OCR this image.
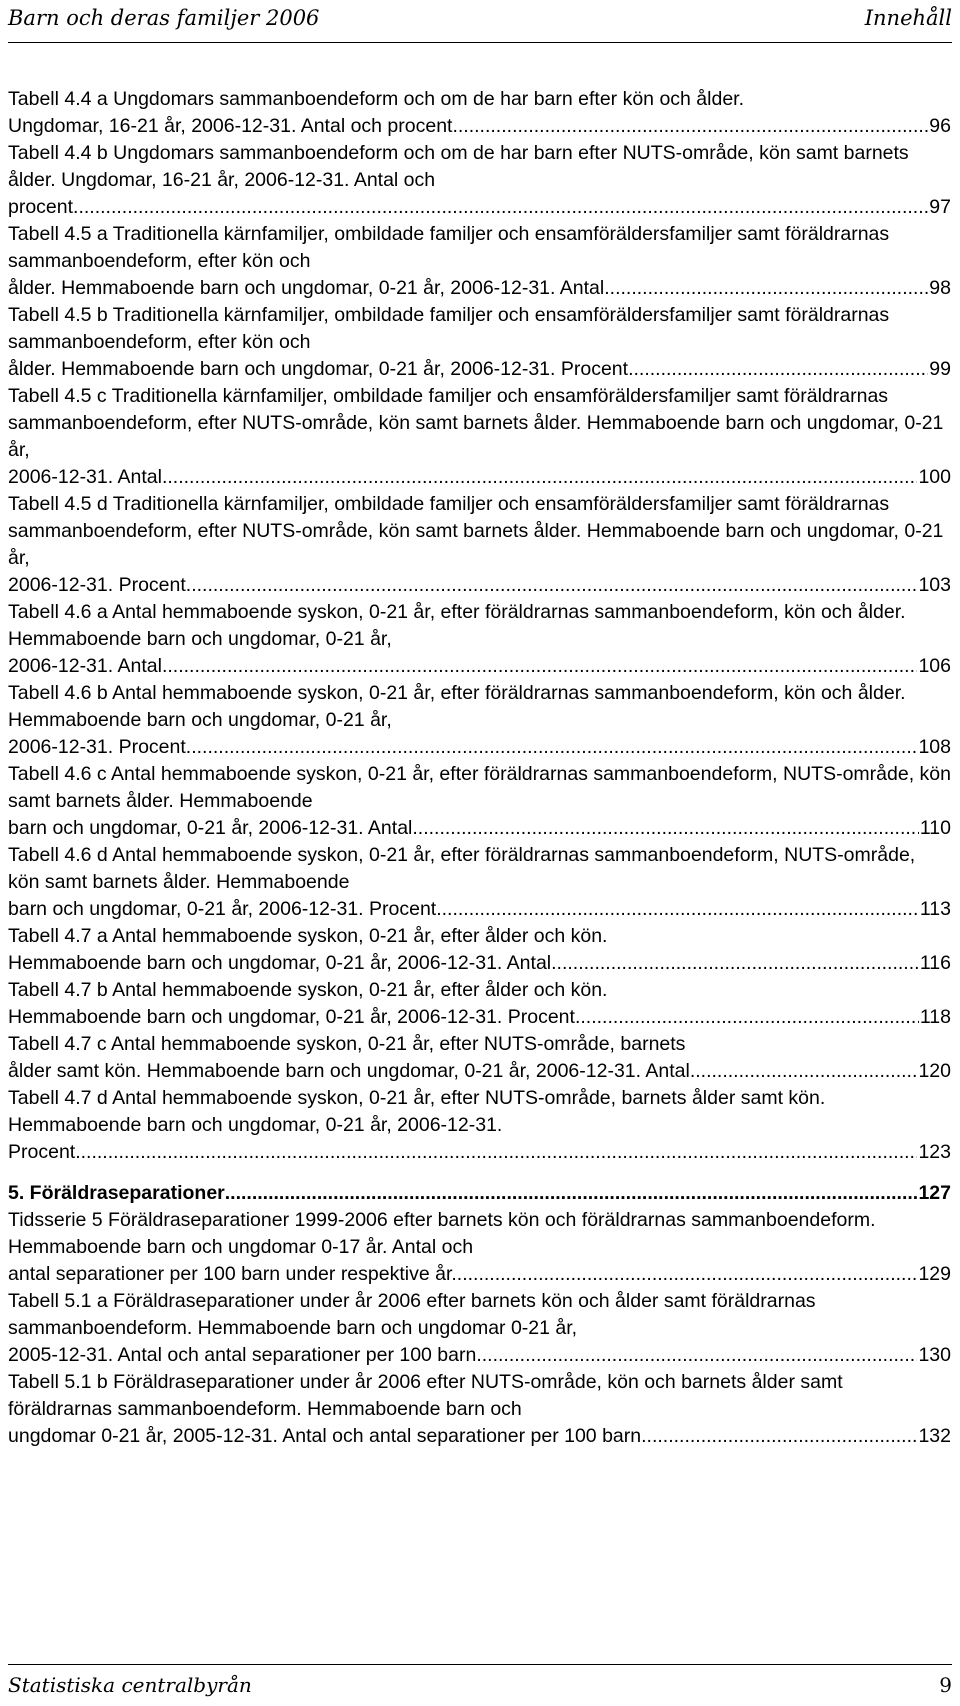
Barn och deras familjer 2006	Innehåll
Tabell 4.4 a Ungdomars sammanboendeform och om de har barn efter kön och ålder.
Ungdomar, 16-21 år, 2006-12-31. Antal och procent .....	96
Tabell 4.4 b Ungdomars sammanboendeform och om de har barn efter NUTS-område, kön samt barnets ålder. Ungdomar, 16-21 år, 2006-12-31. Antal och
procent .....	97
Tabell 4.5 a Traditionella kärnfamiljer, ombildade familjer och ensamföräldersfamiljer samt föräldrarnas sammanboendeform, efter kön och
ålder. Hemmaboende barn och ungdomar, 0-21 år, 2006-12-31. Antal .....	98
Tabell 4.5 b Traditionella kärnfamiljer, ombildade familjer och ensamföräldersfamiljer samt föräldrarnas sammanboendeform, efter kön och
ålder. Hemmaboende barn och ungdomar, 0-21 år, 2006-12-31. Procent .....	99
Tabell 4.5 c Traditionella kärnfamiljer, ombildade familjer och ensamföräldersfamiljer samt föräldrarnas sammanboendeform, efter NUTS-område, kön samt barnets ålder. Hemmaboende barn och ungdomar, 0-21 år,
2006-12-31. Antal .....	100
Tabell 4.5 d Traditionella kärnfamiljer, ombildade familjer och ensamföräldersfamiljer samt föräldrarnas sammanboendeform, efter NUTS-område, kön samt barnets ålder. Hemmaboende barn och ungdomar, 0-21 år,
2006-12-31. Procent .....	103
Tabell 4.6 a Antal hemmaboende syskon, 0-21 år, efter föräldrarnas sammanboendeform, kön och ålder. Hemmaboende barn och ungdomar, 0-21 år,
2006-12-31. Antal .....	106
Tabell 4.6 b Antal hemmaboende syskon, 0-21 år, efter föräldrarnas sammanboendeform, kön och ålder. Hemmaboende barn och ungdomar, 0-21 år,
2006-12-31. Procent .....	108
Tabell 4.6 c Antal hemmaboende syskon, 0-21 år, efter föräldrarnas sammanboendeform, NUTS-område, kön samt barnets ålder. Hemmaboende
barn och ungdomar, 0-21 år, 2006-12-31. Antal .....	110
Tabell 4.6 d Antal hemmaboende syskon, 0-21 år, efter föräldrarnas sammanboendeform, NUTS-område, kön samt barnets ålder. Hemmaboende
barn och ungdomar, 0-21 år, 2006-12-31. Procent .....	113
Tabell 4.7 a Antal hemmaboende syskon, 0-21 år, efter ålder och kön.
Hemmaboende barn och ungdomar, 0-21 år, 2006-12-31. Antal .....	116
Tabell 4.7 b Antal hemmaboende syskon, 0-21 år, efter ålder och kön.
Hemmaboende barn och ungdomar, 0-21 år, 2006-12-31. Procent .....	118
Tabell 4.7 c Antal hemmaboende syskon, 0-21 år, efter NUTS-område, barnets
ålder samt kön. Hemmaboende barn och ungdomar, 0-21 år, 2006-12-31. Antal .....	120
Tabell 4.7 d Antal hemmaboende syskon, 0-21 år, efter NUTS-område, barnets ålder samt kön. Hemmaboende barn och ungdomar, 0-21 år, 2006-12-31.
Procent .....	123
5. Föräldraseparationer .....	127
Tidsserie 5 Föräldraseparationer 1999-2006 efter barnets kön och föräldrarnas sammanboendeform. Hemmaboende barn och ungdomar 0-17 år. Antal och
antal separationer per 100 barn under respektive år. .....	129
Tabell 5.1 a Föräldraseparationer under år 2006 efter barnets kön och ålder samt föräldrarnas sammanboendeform. Hemmaboende barn och ungdomar 0-21 år,
2005-12-31. Antal och antal separationer per 100 barn .....	130
Tabell 5.1 b Föräldraseparationer under år 2006 efter NUTS-område, kön och barnets ålder samt föräldrarnas sammanboendeform. Hemmaboende barn och
ungdomar 0-21 år, 2005-12-31. Antal och antal separationer per 100 barn .....	132
Statistiska centralbyrån	9
